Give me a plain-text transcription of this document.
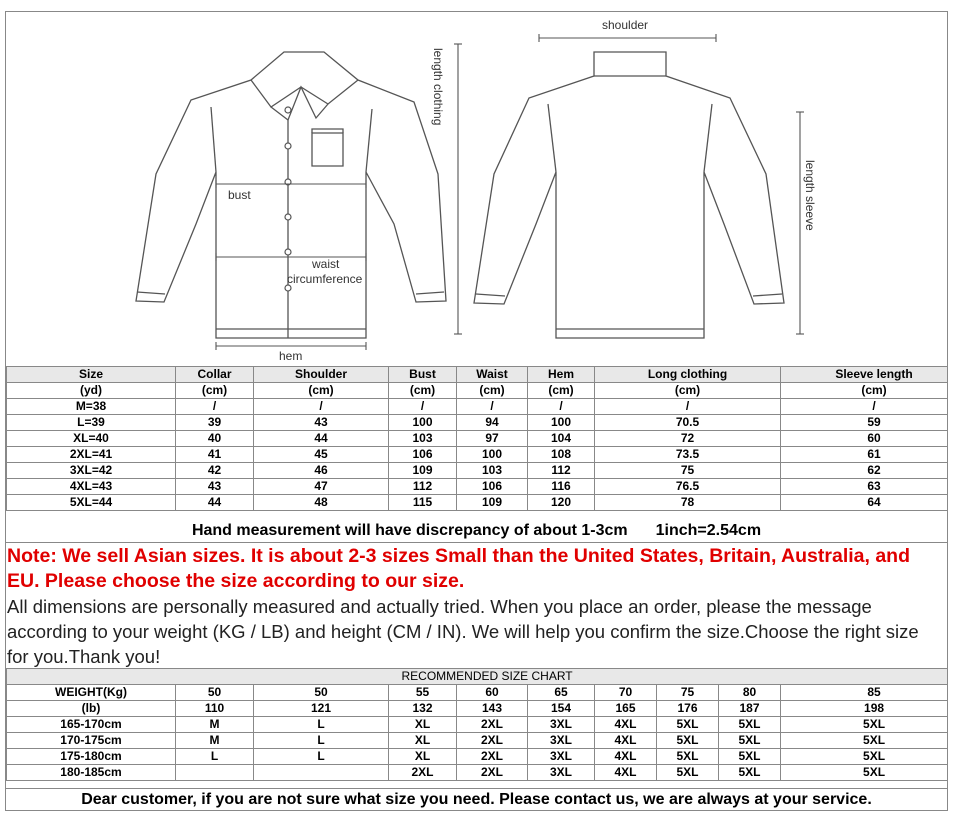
bust
waist
circumference
hem
length clothing
shoulder
length sleeve
Size	Collar	Shoulder	Bust	Waist	Hem	Long clothing	Sleeve length
(yd)	(cm)	(cm)	(cm)	(cm)	(cm)	(cm)	(cm)
M=38	/	/	/	/	/	/	/
L=39	39	43	100	94	100	70.5	59
XL=40	40	44	103	97	104	72	60
2XL=41	41	45	106	100	108	73.5	61
3XL=42	42	46	109	103	112	75	62
4XL=43	43	47	112	106	116	76.5	63
5XL=44	44	48	115	109	120	78	64
Hand measurement will have discrepancy of about 1-3cm 1inch=2.54cm
Note: We sell Asian sizes. It is about 2-3 sizes Small than the United States, Britain, Australia, and EU. Please choose the size according to our size.
All dimensions are personally measured and actually tried. When you place an order, please the message according to your weight (KG / LB) and height (CM / IN). We will help you confirm the size.Choose the right size for you.Thank you!
RECOMMENDED SIZE CHART									
WEIGHT(Kg)	50	50	55	60	65	70	75	80	85
(lb)	110	121	132	143	154	165	176	187	198
165-170cm	M	L	XL	2XL	3XL	4XL	5XL	5XL	5XL
170-175cm	M	L	XL	2XL	3XL	4XL	5XL	5XL	5XL
175-180cm	L	L	XL	2XL	3XL	4XL	5XL	5XL	5XL
180-185cm			2XL	2XL	3XL	4XL	5XL	5XL	5XL
Dear customer, if you are not sure what size you need. Please contact us, we are always at your service.
